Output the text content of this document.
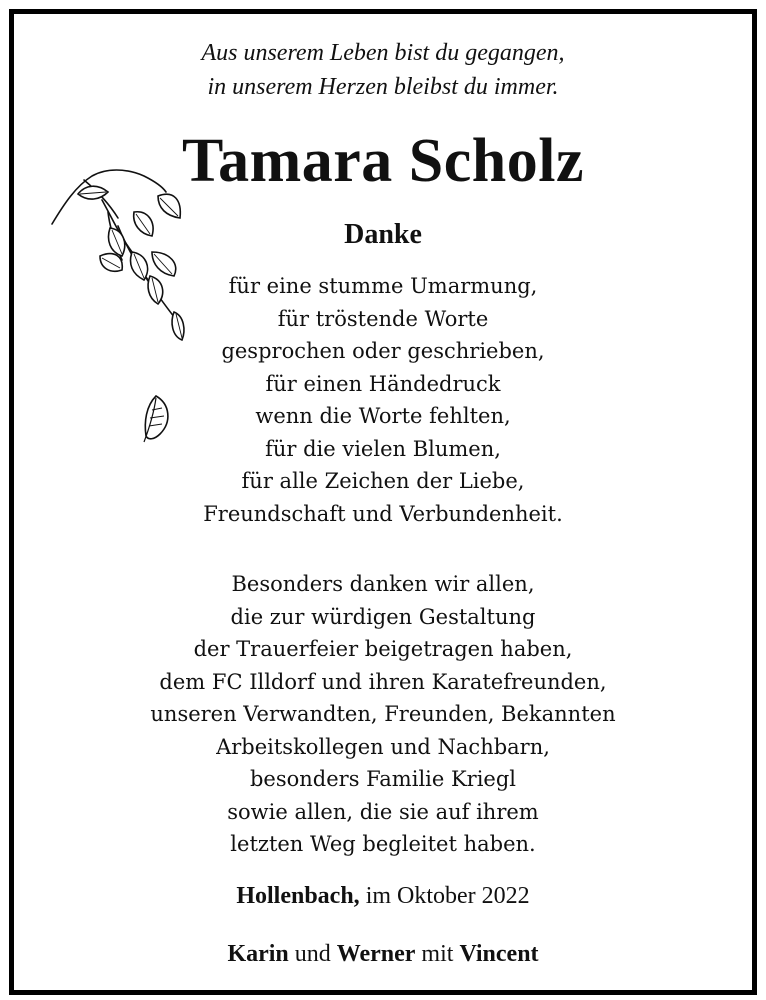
Aus unserem Leben bist du gegangen,
in unserem Herzen bleibst du immer.
Tamara Scholz
Danke
für eine stumme Umarmung,
für tröstende Worte
gesprochen oder geschrieben,
für einen Händedruck
wenn die Worte fehlten,
für die vielen Blumen,
für alle Zeichen der Liebe,
Freundschaft und Verbundenheit.
Besonders danken wir allen,
die zur würdigen Gestaltung
der Trauerfeier beigetragen haben,
dem FC Illdorf und ihren Karatefreunden,
unseren Verwandten, Freunden, Bekannten
Arbeitskollegen und Nachbarn,
besonders Familie Kriegl
sowie allen, die sie auf ihrem
letzten Weg begleitet haben.
Hollenbach, im Oktober 2022
Karin und Werner mit Vincent
